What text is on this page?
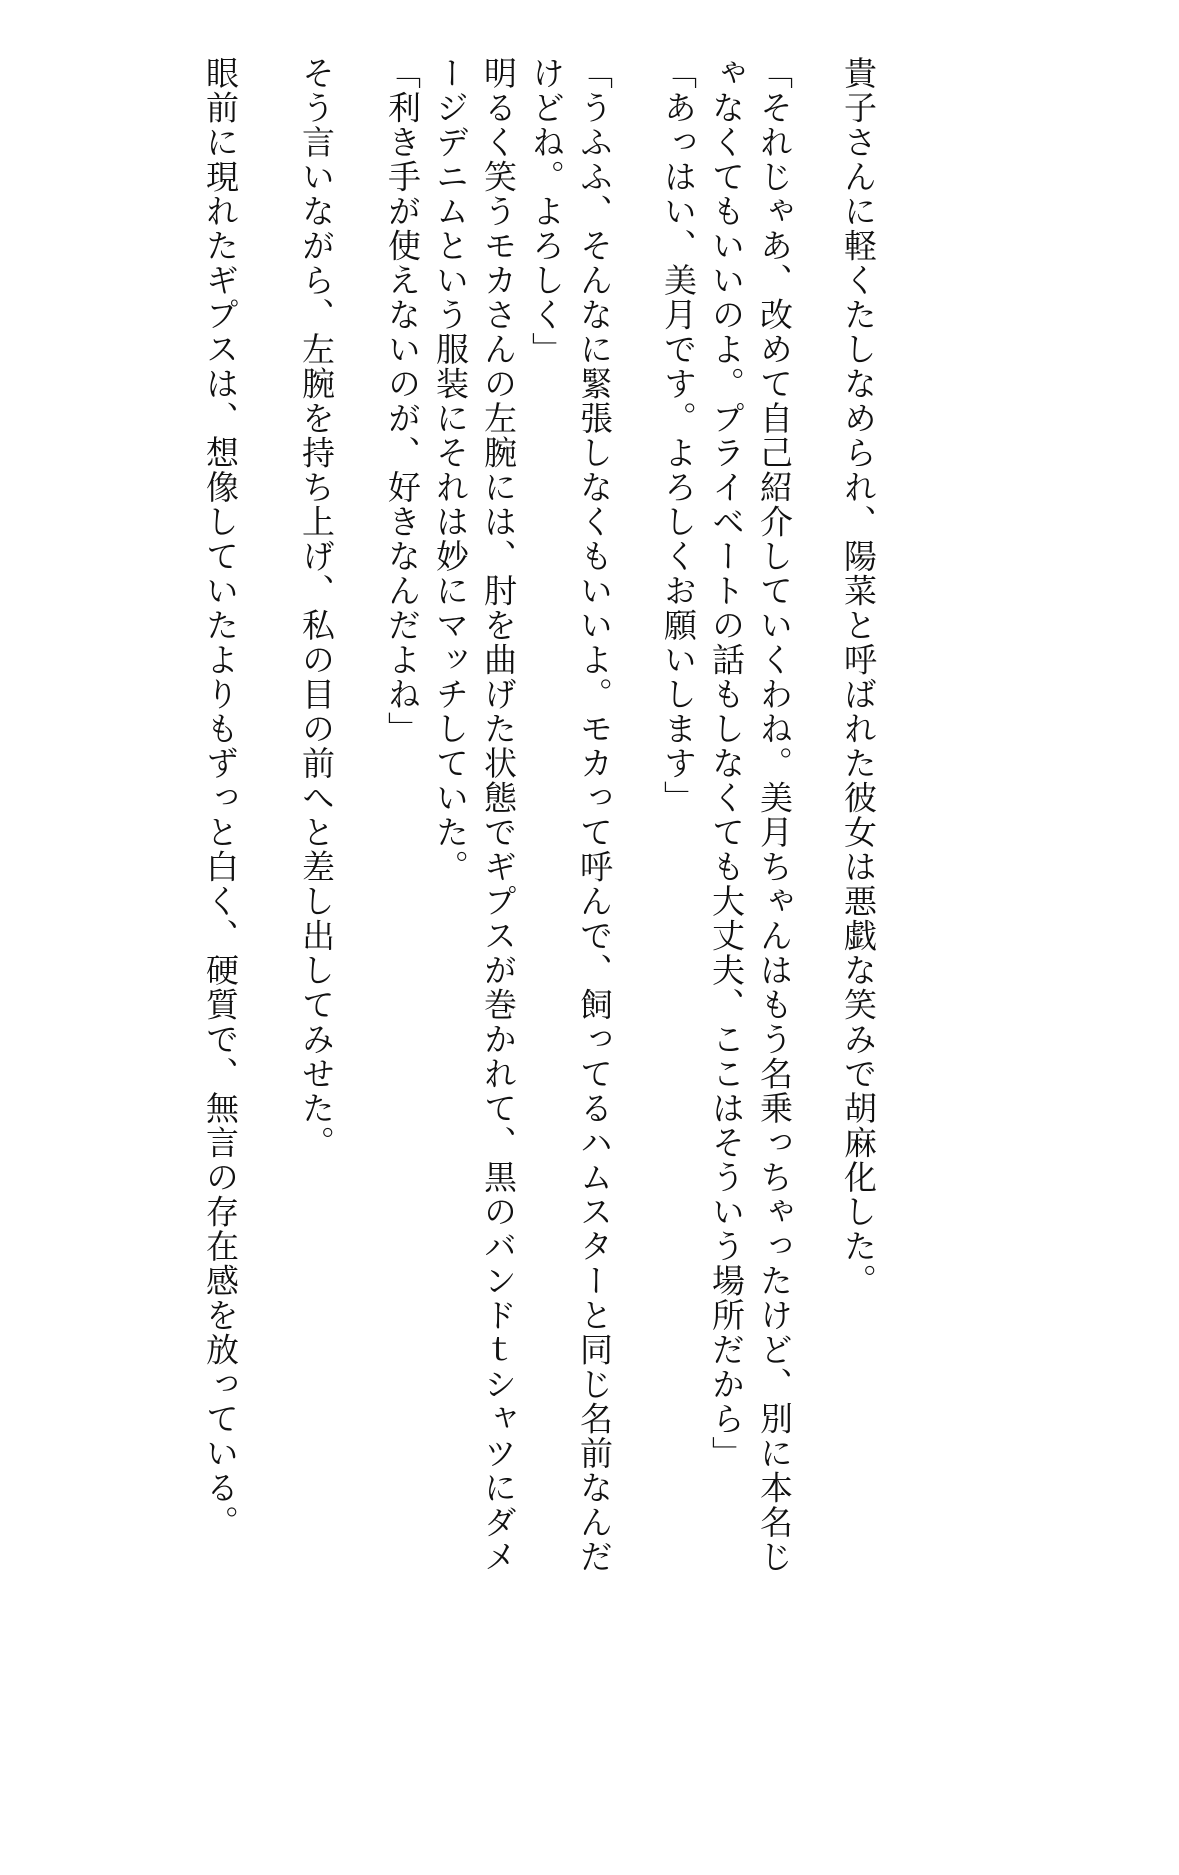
貴子さんに軽くたしなめられ、陽菜と呼ばれた彼女は悪戯な笑みで胡麻化した。
「それじゃあ、改めて自己紹介していくわね。美月ちゃんはもう名乗っちゃったけど、別に本名じ
ゃなくてもいいのよ。プライベートの話もしなくても大丈夫、ここはそういう場所だから」
「あっはい、美月です。よろしくお願いします」
「うふふ、そんなに緊張しなくもいいよ。モカって呼んで、飼ってるハムスターと同じ名前なんだ
けどね。よろしく」
明るく笑うモカさんの左腕には、肘を曲げた状態でギプスが巻かれて、黒のバンドｔシャツにダメ
ージデニムという服装にそれは妙にマッチしていた。
「利き手が使えないのが、好きなんだよね」
そう言いながら、左腕を持ち上げ、私の目の前へと差し出してみせた。
眼前に現れたギプスは、想像していたよりもずっと白く、硬質で、無言の存在感を放っている。
